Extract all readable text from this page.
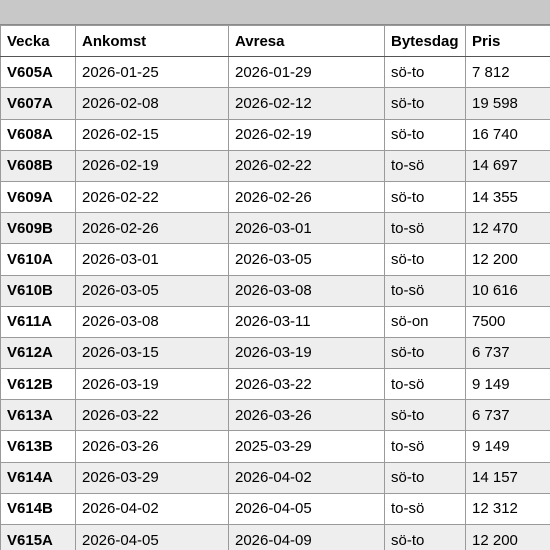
Vecka	Ankomst	Avresa	Bytesdag	Pris
V605A	2026-01-25	2026-01-29	sö-to	7 812
V607A	2026-02-08	2026-02-12	sö-to	19 598
V608A	2026-02-15	2026-02-19	sö-to	16 740
V608B	2026-02-19	2026-02-22	to-sö	14 697
V609A	2026-02-22	2026-02-26	sö-to	14 355
V609B	2026-02-26	2026-03-01	to-sö	12 470
V610A	2026-03-01	2026-03-05	sö-to	12 200
V610B	2026-03-05	2026-03-08	to-sö	10 616
V611A	2026-03-08	2026-03-11	sö-on	7500
V612A	2026-03-15	2026-03-19	sö-to	6 737
V612B	2026-03-19	2026-03-22	to-sö	9 149
V613A	2026-03-22	2026-03-26	sö-to	6 737
V613B	2026-03-26	2025-03-29	to-sö	9 149
V614A	2026-03-29	2026-04-02	sö-to	14 157
V614B	2026-04-02	2026-04-05	to-sö	12 312
V615A	2026-04-05	2026-04-09	sö-to	12 200
